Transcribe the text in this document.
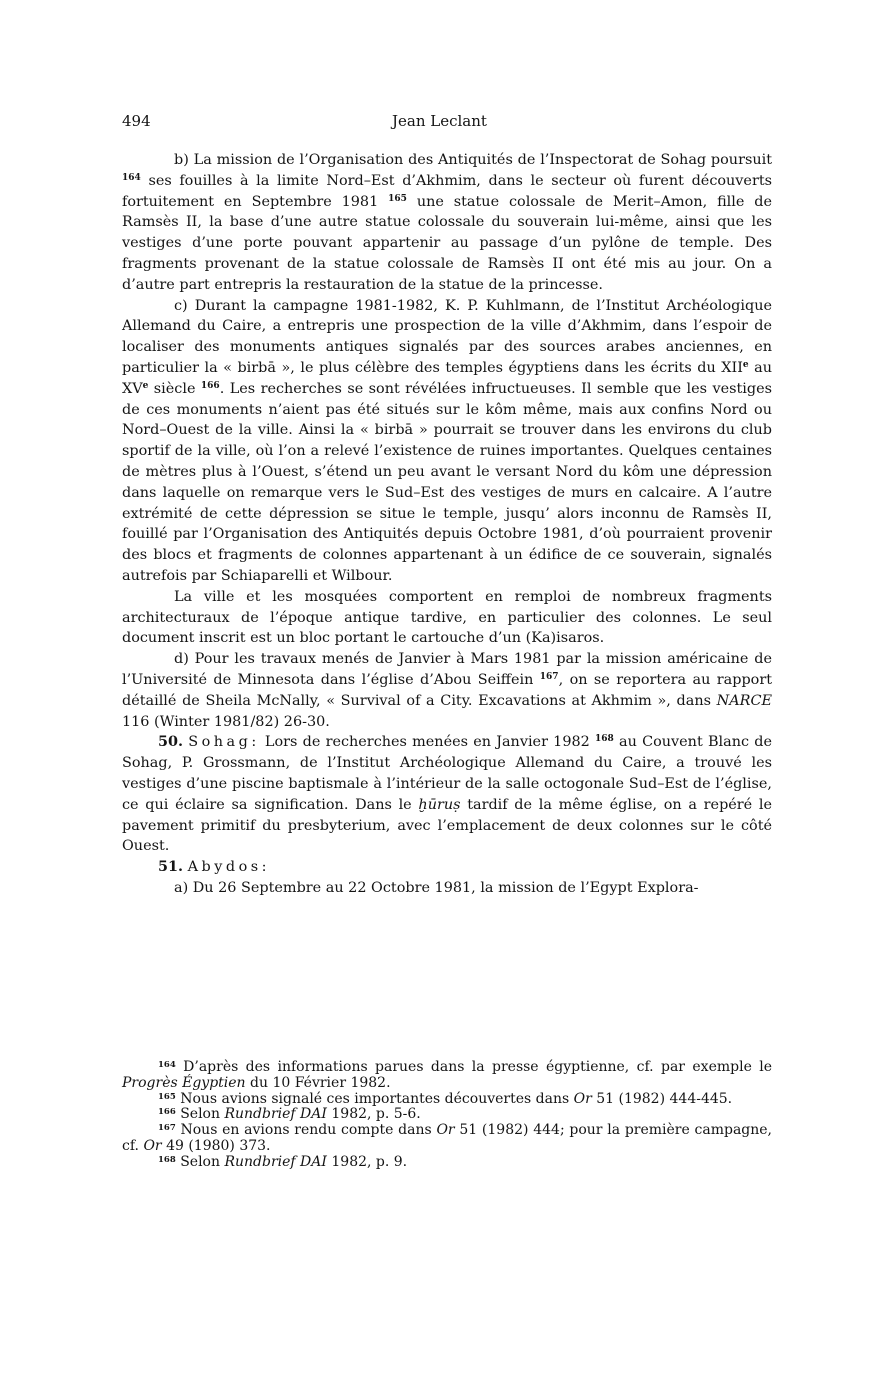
494	Jean Leclant

b) La mission de l’Organisation des Antiquités de l’Inspectorat de Sohag poursuit $^{164}$ ses fouilles à la limite Nord–Est d’Akhmim, dans le secteur où furent découverts fortuitement en Septembre 1981 $^{165}$ une statue colossale de Merit–Amon, fille de Ramsès II, la base d’une autre statue colossale du souverain lui-même, ainsi que les vestiges d’une porte pouvant appartenir au passage d’un pylône de temple. Des fragments provenant de la statue colossale de Ramsès II ont été mis au jour. On a d’autre part entrepris la restauration de la statue de la princesse.

c) Durant la campagne 1981-1982, K. P. Kuhlmann, de l’Institut Archéologique Allemand du Caire, a entrepris une prospection de la ville d’Akhmim, dans l’espoir de localiser des monuments antiques signalés par des sources arabes anciennes, en particulier la « birbā », le plus célèbre des temples égyptiens dans les écrits du XIIe au XVe siècle $^{166}$. Les recherches se sont révélées infructueuses. Il semble que les vestiges de ces monuments n’aient pas été situés sur le kôm même, mais aux confins Nord ou Nord–Ouest de la ville. Ainsi la « birbā » pourrait se trouver dans les environs du club sportif de la ville, où l’on a relevé l’existence de ruines importantes. Quelques centaines de mètres plus à l’Ouest, s’étend un peu avant le versant Nord du kôm une dépression dans laquelle on remarque vers le Sud–Est des vestiges de murs en calcaire. A l’autre extrémité de cette dépression se situe le temple, jusqu’ alors inconnu de Ramsès II, fouillé par l’Organisation des Antiquités depuis Octobre 1981, d’où pourraient provenir des blocs et fragments de colonnes appartenant à un édifice de ce souverain, signalés autrefois par Schiaparelli et Wilbour.

La ville et les mosquées comportent en remploi de nombreux fragments architecturaux de l’époque antique tardive, en particulier des colonnes. Le seul document inscrit est un bloc portant le cartouche d’un (Ka)isaros.

d) Pour les travaux menés de Janvier à Mars 1981 par la mission américaine de l’Université de Minnesota dans l’église d’Abou Seiffein $^{167}$, on se reportera au rapport détaillé de Sheila McNally, « Survival of a City. Excavations at Akhmim », dans NARCE 116 (Winter 1981/82) 26-30.

50. Sohag: Lors de recherches menées en Janvier 1982 $^{168}$ au Couvent Blanc de Sohag, P. Grossmann, de l’Institut Archéologique Allemand du Caire, a trouvé les vestiges d’une piscine baptismale à l’intérieur de la salle octogonale Sud–Est de l’église, ce qui éclaire sa signification. Dans le ḫūruṣ tardif de la même église, on a repéré le pavement primitif du presbyterium, avec l’emplacement de deux colonnes sur le côté Ouest.

51. Abydos:

a) Du 26 Septembre au 22 Octobre 1981, la mission de l’Egypt Explora-

$^{164}$ D’après des informations parues dans la presse égyptienne, cf. par exemple le Progrès Égyptien du 10 Février 1982.

$^{165}$ Nous avions signalé ces importantes découvertes dans Or 51 (1982) 444-445.

$^{166}$ Selon Rundbrief DAI 1982, p. 5-6.

$^{167}$ Nous en avions rendu compte dans Or 51 (1982) 444; pour la première campagne, cf. Or 49 (1980) 373.

$^{168}$ Selon Rundbrief DAI 1982, p. 9.
